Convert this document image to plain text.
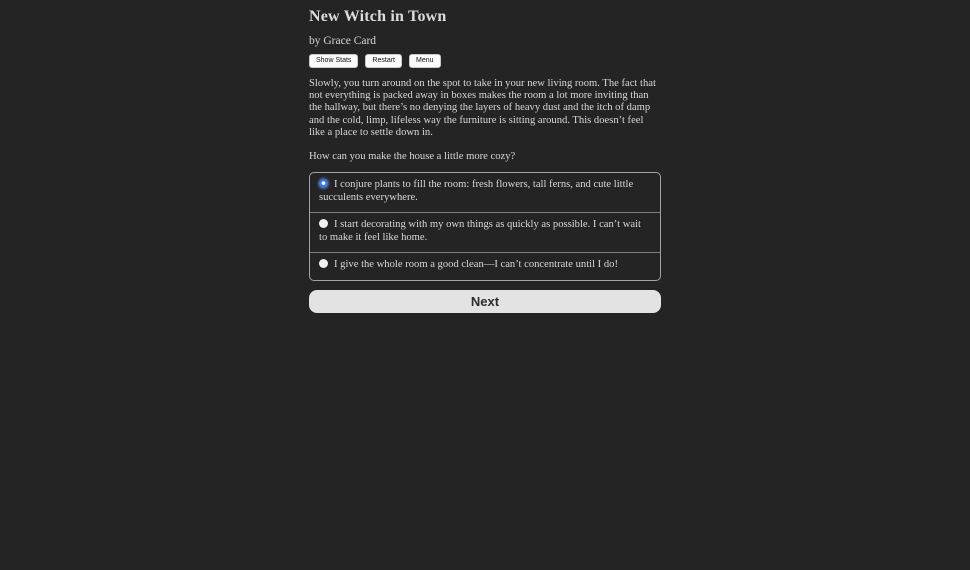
New Witch in Town
by Grace Card
Show Stats	Restart	Menu

Slowly, you turn around on the spot to take in your new living room. The fact that not everything is packed away in boxes makes the room a lot more inviting than the hallway, but there’s no denying the layers of heavy dust and the itch of damp and the cold, limp, lifeless way the furniture is sitting around. This doesn’t feel like a place to settle down in.

How can you make the house a little more cozy?

I conjure plants to fill the room: fresh flowers, tall ferns, and cute little succulents everywhere.
I start decorating with my own things as quickly as possible. I can’t wait to make it feel like home.
I give the whole room a good clean—I can’t concentrate until I do!
Next
